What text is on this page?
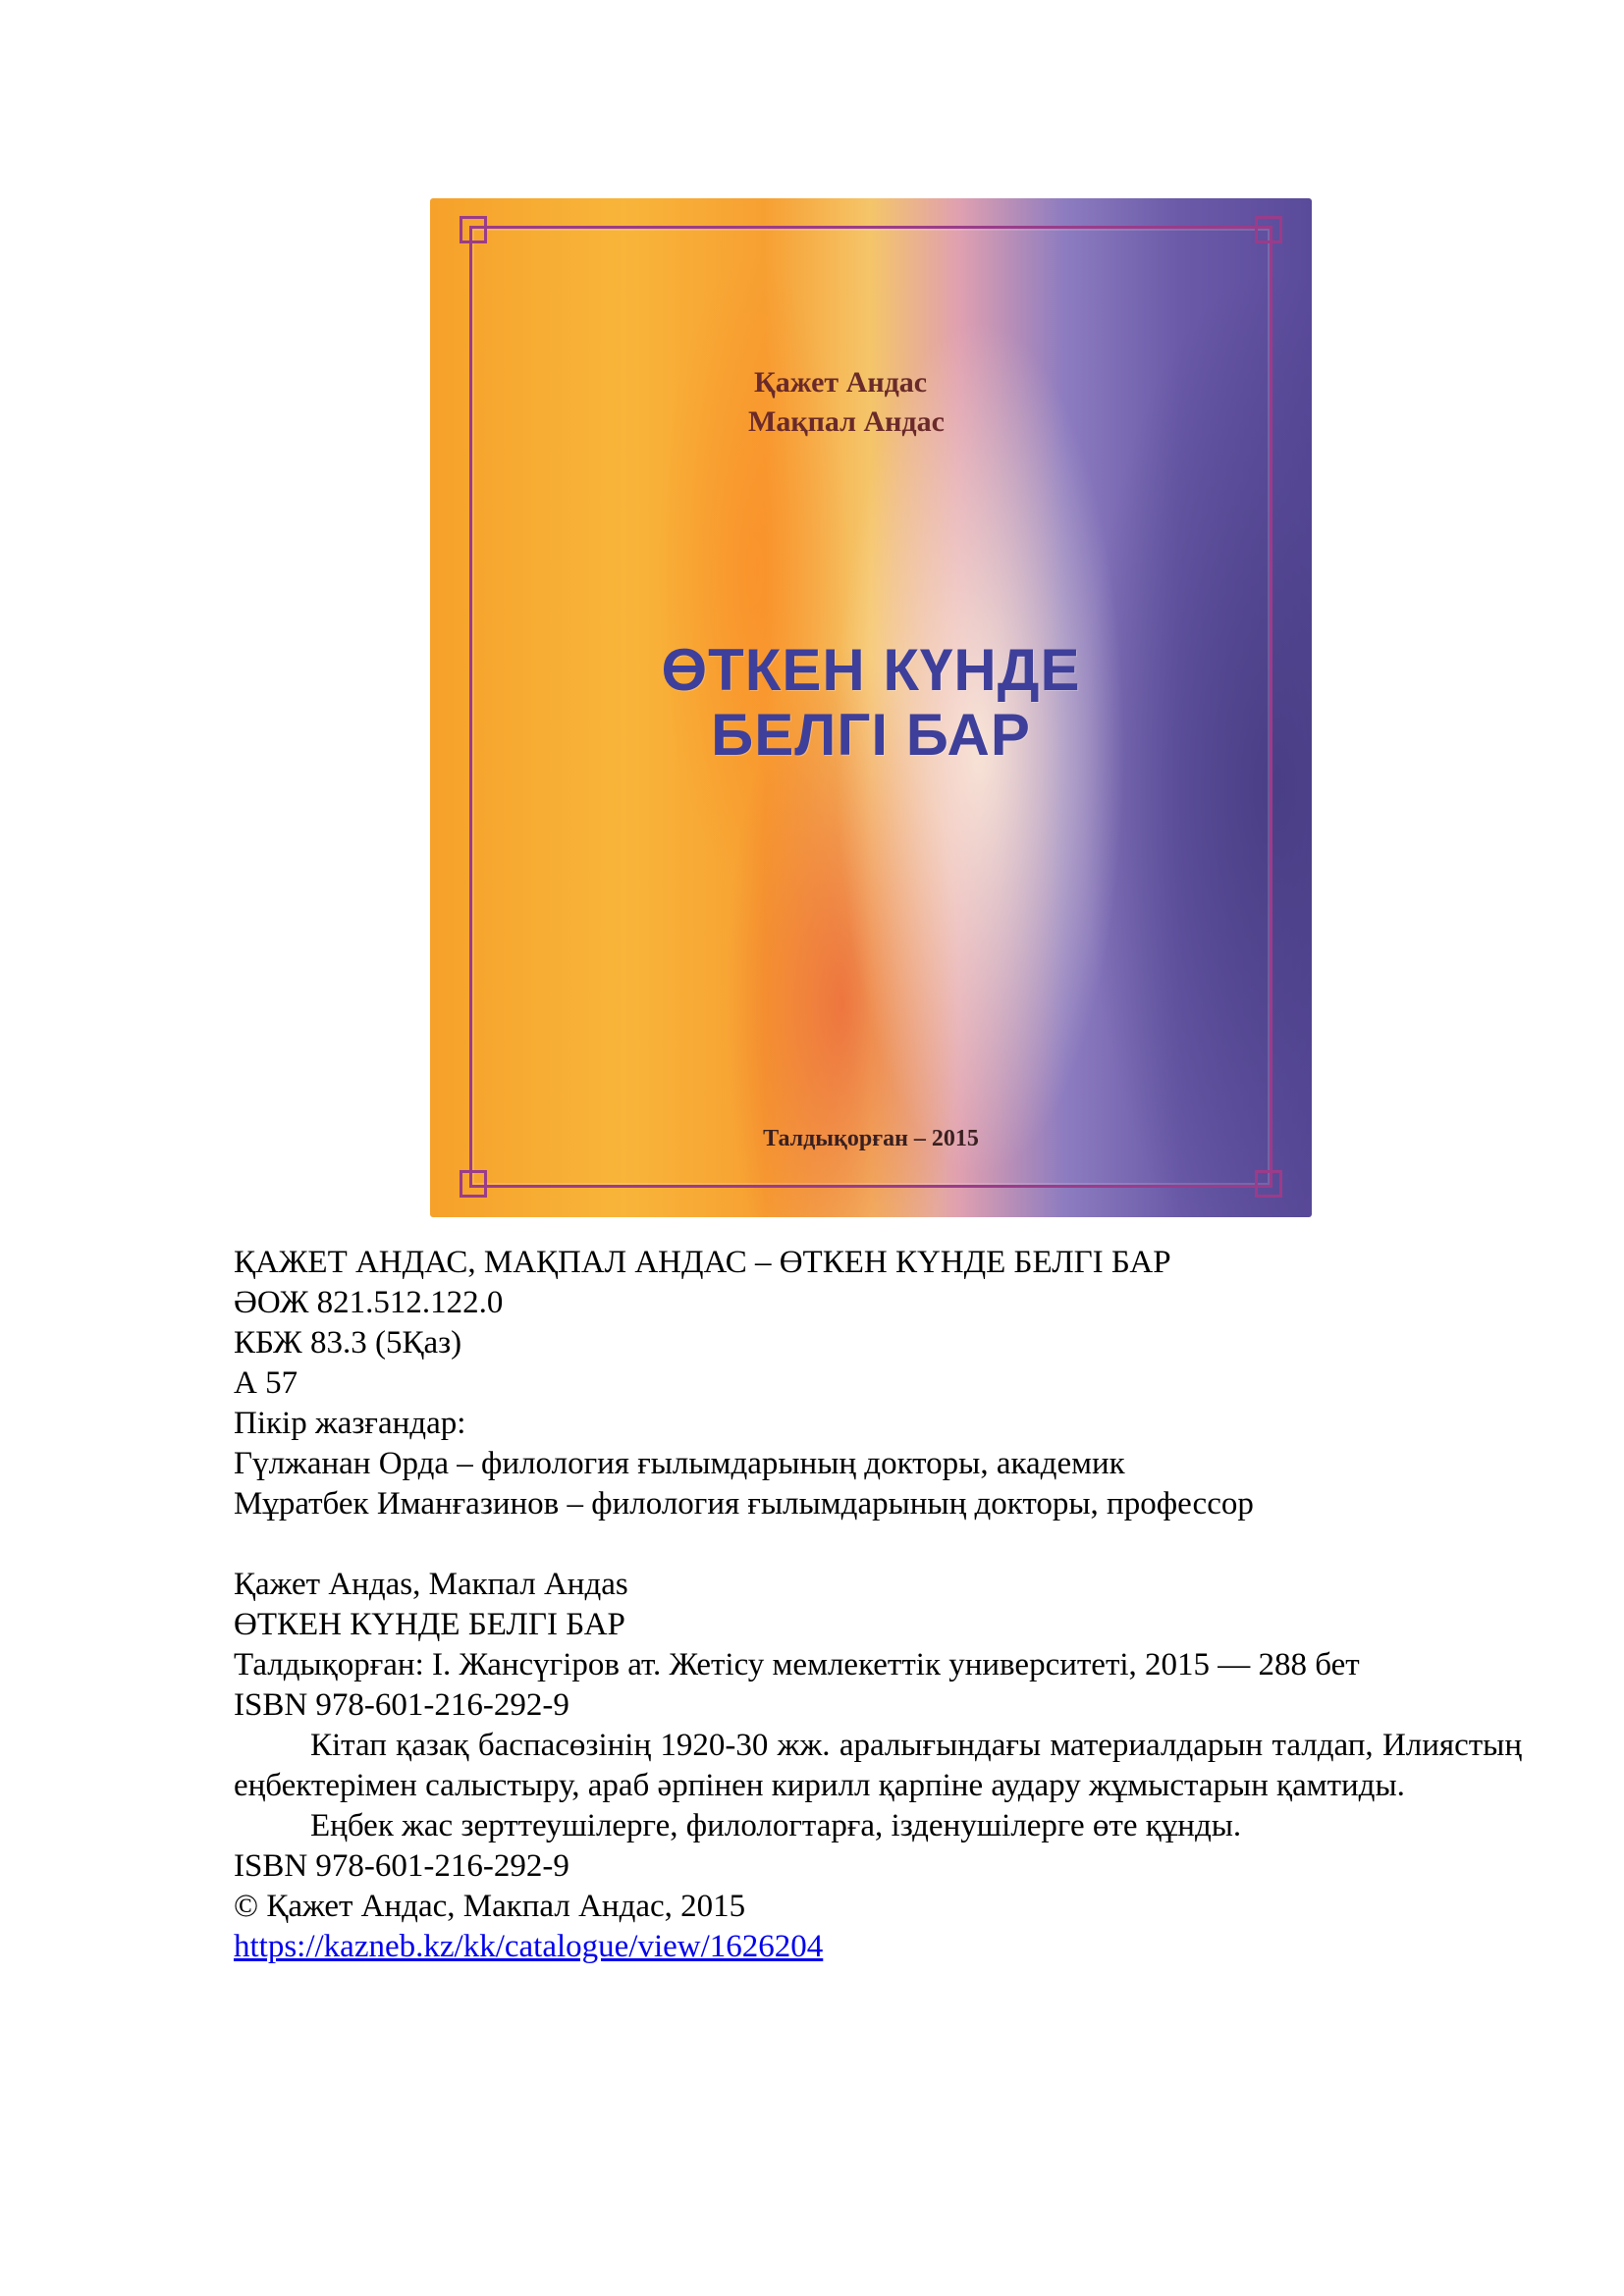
Қажет Андас
Мақпал Андас
ӨТКЕН КҮНДЕ
БЕЛГІ БАР
Талдықорған – 2015
ҚАЖЕТ АНДАС, МАҚПАЛ АНДАС – ӨТКЕН КҮНДЕ БЕЛГІ БАР
ӘОЖ 821.512.122.0
КБЖ 83.3 (5Қаз)
А 57
Пікір жазғандар:
Гүлжанан Орда – филология ғылымдарының докторы, академик
Мұратбек Иманғазинов – филология ғылымдарының докторы, профессор
Қажет Андаs, Макпал Андаs
ӨТКЕН КҮНДЕ БЕЛГІ БАР
Талдықорған: І. Жансүгіров ат. Жетісу мемлекеттік университеті, 2015 — 288 бет
ISBN 978-601-216-292-9
Кітап қазақ баспасөзінің 1920-30 жж. аралығындағы материалдарын талдап, Илиястың еңбектерімен салыстыру, араб әрпінен кирилл қарпіне аудару жұмыстарын қамтиды.
Еңбек жас зерттеушілерге, филологтарға, ізденушілерге өте құнды.
ISBN 978-601-216-292-9
© Қажет Андас, Макпал Андас, 2015
https://kazneb.kz/kk/catalogue/view/1626204
